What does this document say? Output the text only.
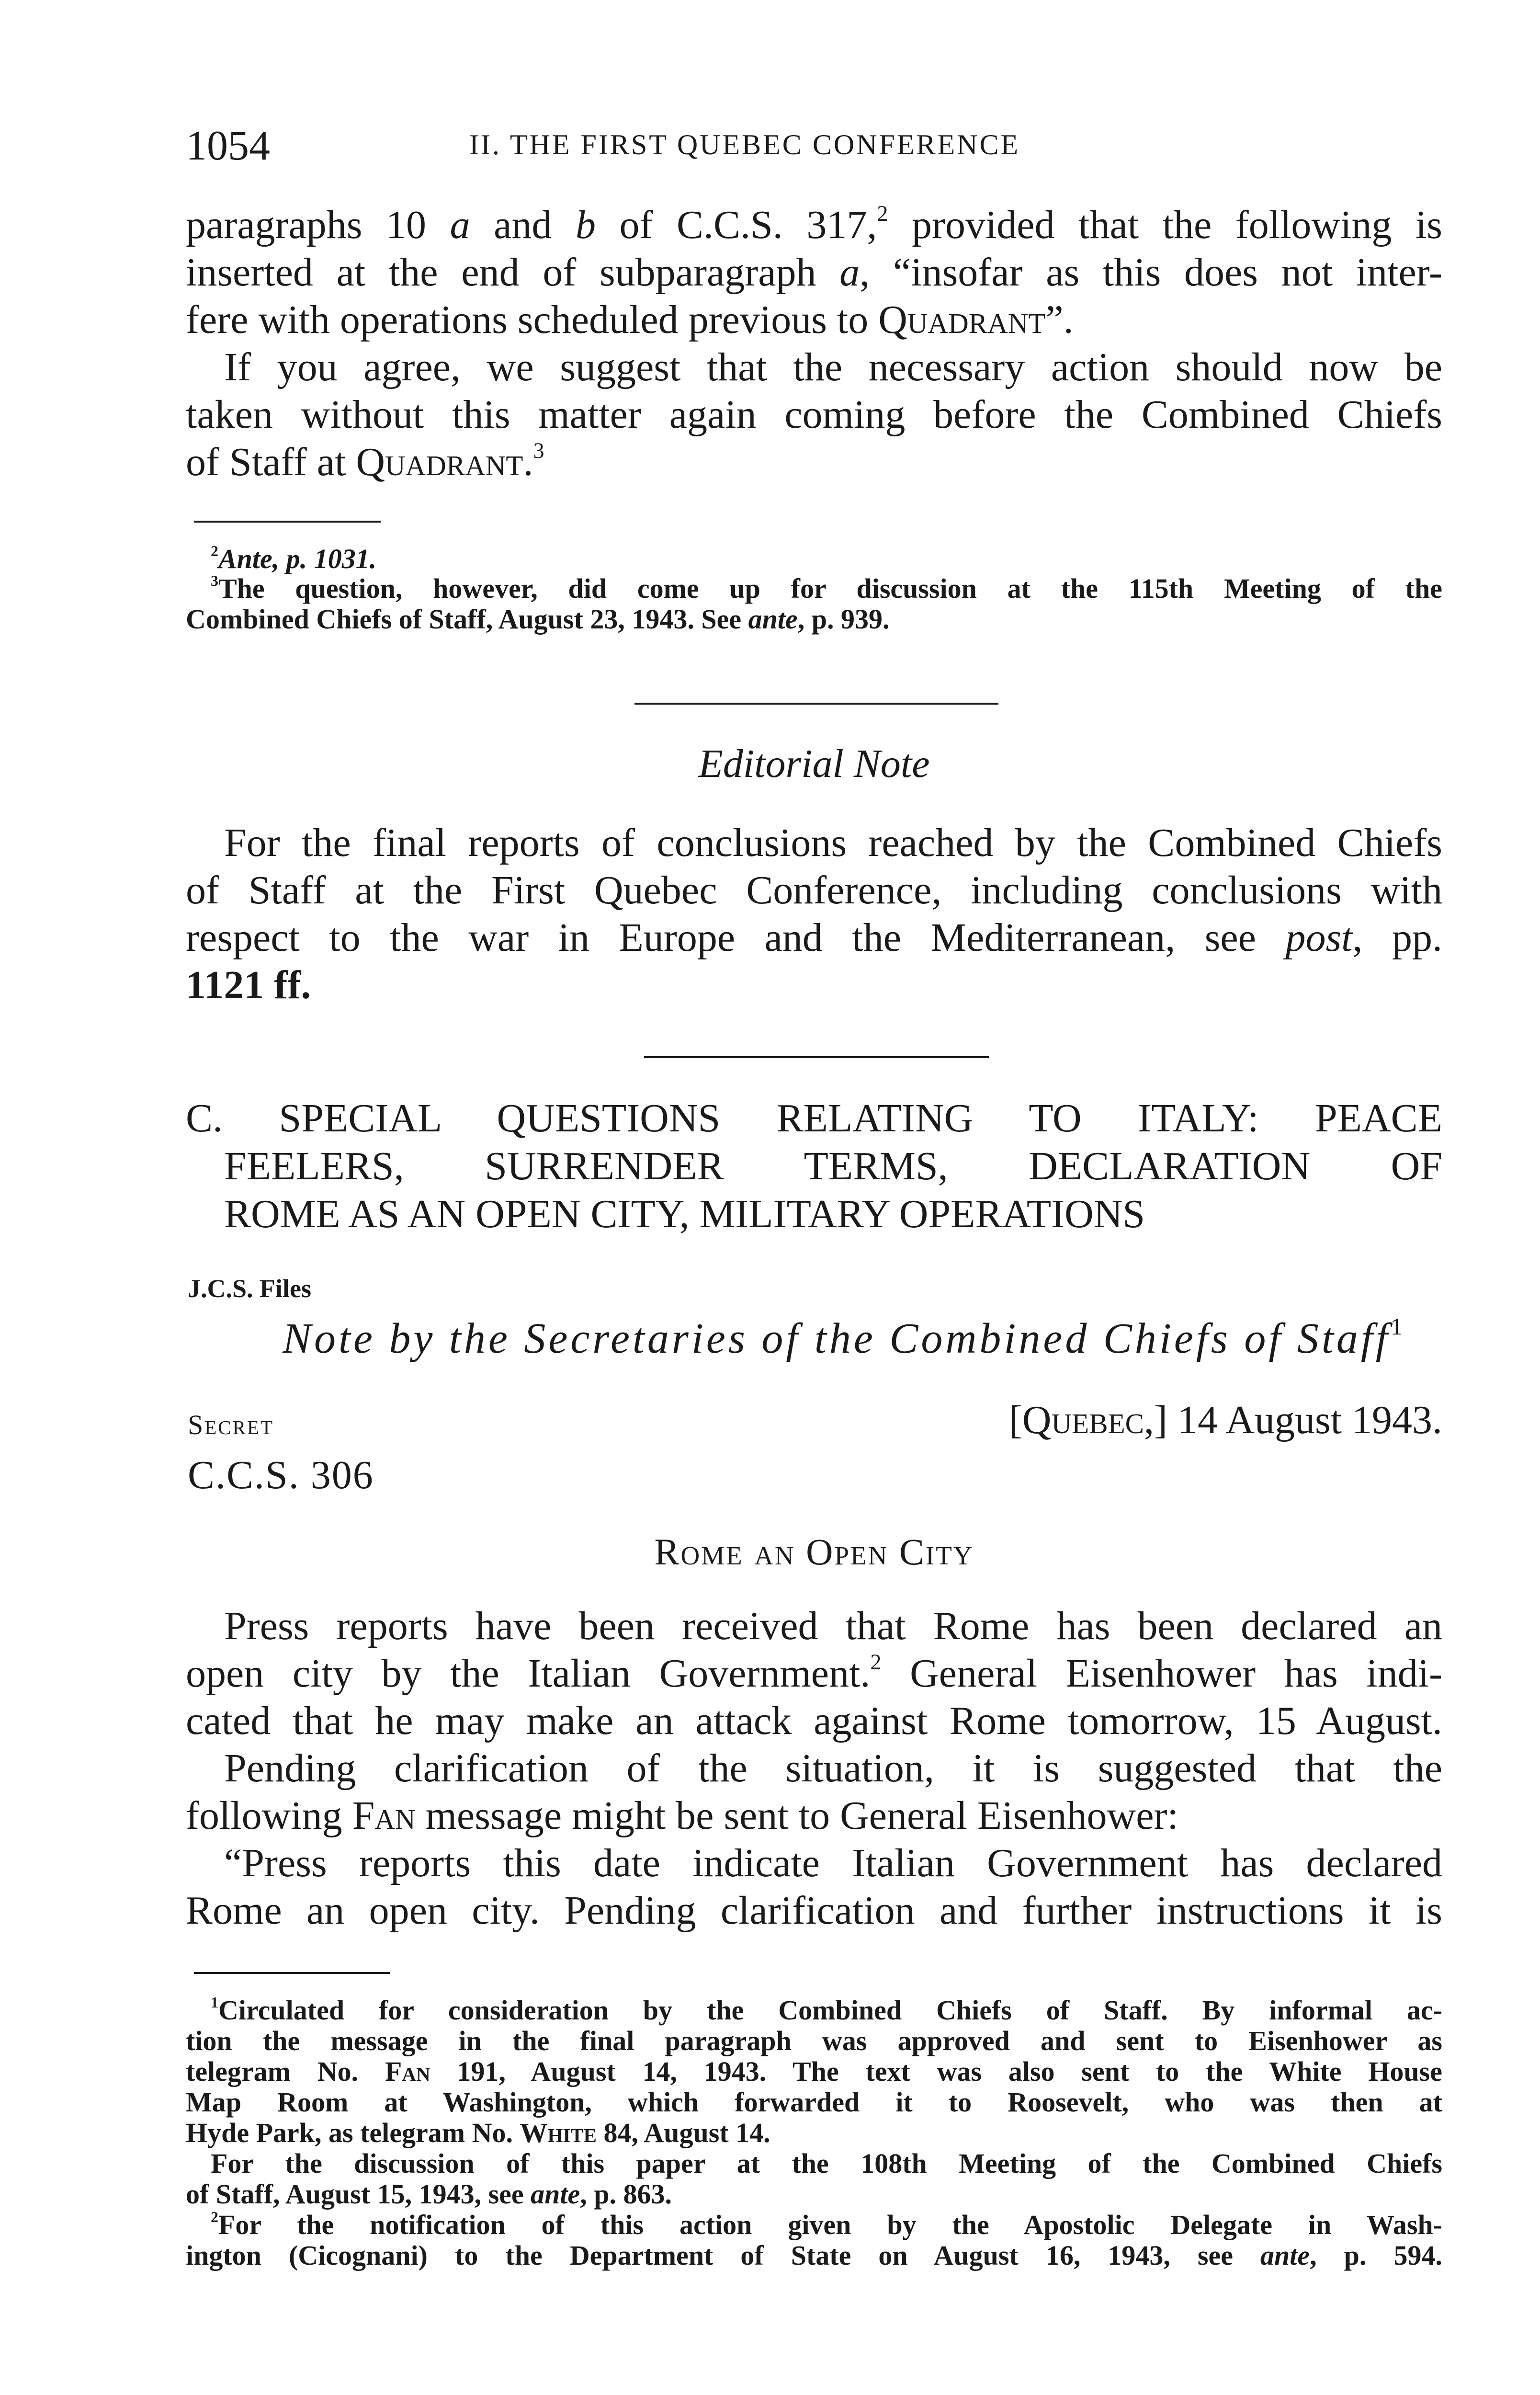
1054	II. THE FIRST QUEBEC CONFERENCE
paragraphs 10 a and b of C.C.S. 317,$^2$ provided that the following is
inserted at the end of subparagraph a, “insofar as this does not inter-
fere with operations scheduled previous to Quadrant”.
If you agree, we suggest that the necessary action should now be
taken without this matter again coming before the Combined Chiefs
of Staff at Quadrant.$^3$
$^2$Ante, p. 1031.
$^3$The question, however, did come up for discussion at the 115th Meeting of the
Combined Chiefs of Staff, August 23, 1943. See ante, p. 939.
Editorial Note
For the final reports of conclusions reached by the Combined Chiefs
of Staff at the First Quebec Conference, including conclusions with
respect to the war in Europe and the Mediterranean, see post, pp.
1121 ff.
C. SPECIAL QUESTIONS RELATING TO ITALY: PEACE
FEELERS, SURRENDER TERMS, DECLARATION OF
ROME AS AN OPEN CITY, MILITARY OPERATIONS
J.C.S. Files
Note by the Secretaries of the Combined Chiefs of Staff$^1$
Secret	[Quebec,] 14 August 1943.
C.C.S. 306
Rome an Open City
Press reports have been received that Rome has been declared an
open city by the Italian Government.$^2$ General Eisenhower has indi-
cated that he may make an attack against Rome tomorrow, 15 August.
Pending clarification of the situation, it is suggested that the
following Fan message might be sent to General Eisenhower:
“Press reports this date indicate Italian Government has declared
Rome an open city. Pending clarification and further instructions it is
$^1$Circulated for consideration by the Combined Chiefs of Staff. By informal ac-
tion the message in the final paragraph was approved and sent to Eisenhower as
telegram No. Fan 191, August 14, 1943. The text was also sent to the White House
Map Room at Washington, which forwarded it to Roosevelt, who was then at
Hyde Park, as telegram No. White 84, August 14.
For the discussion of this paper at the 108th Meeting of the Combined Chiefs
of Staff, August 15, 1943, see ante, p. 863.
$^2$For the notification of this action given by the Apostolic Delegate in Wash-
ington (Cicognani) to the Department of State on August 16, 1943, see ante, p. 594.
